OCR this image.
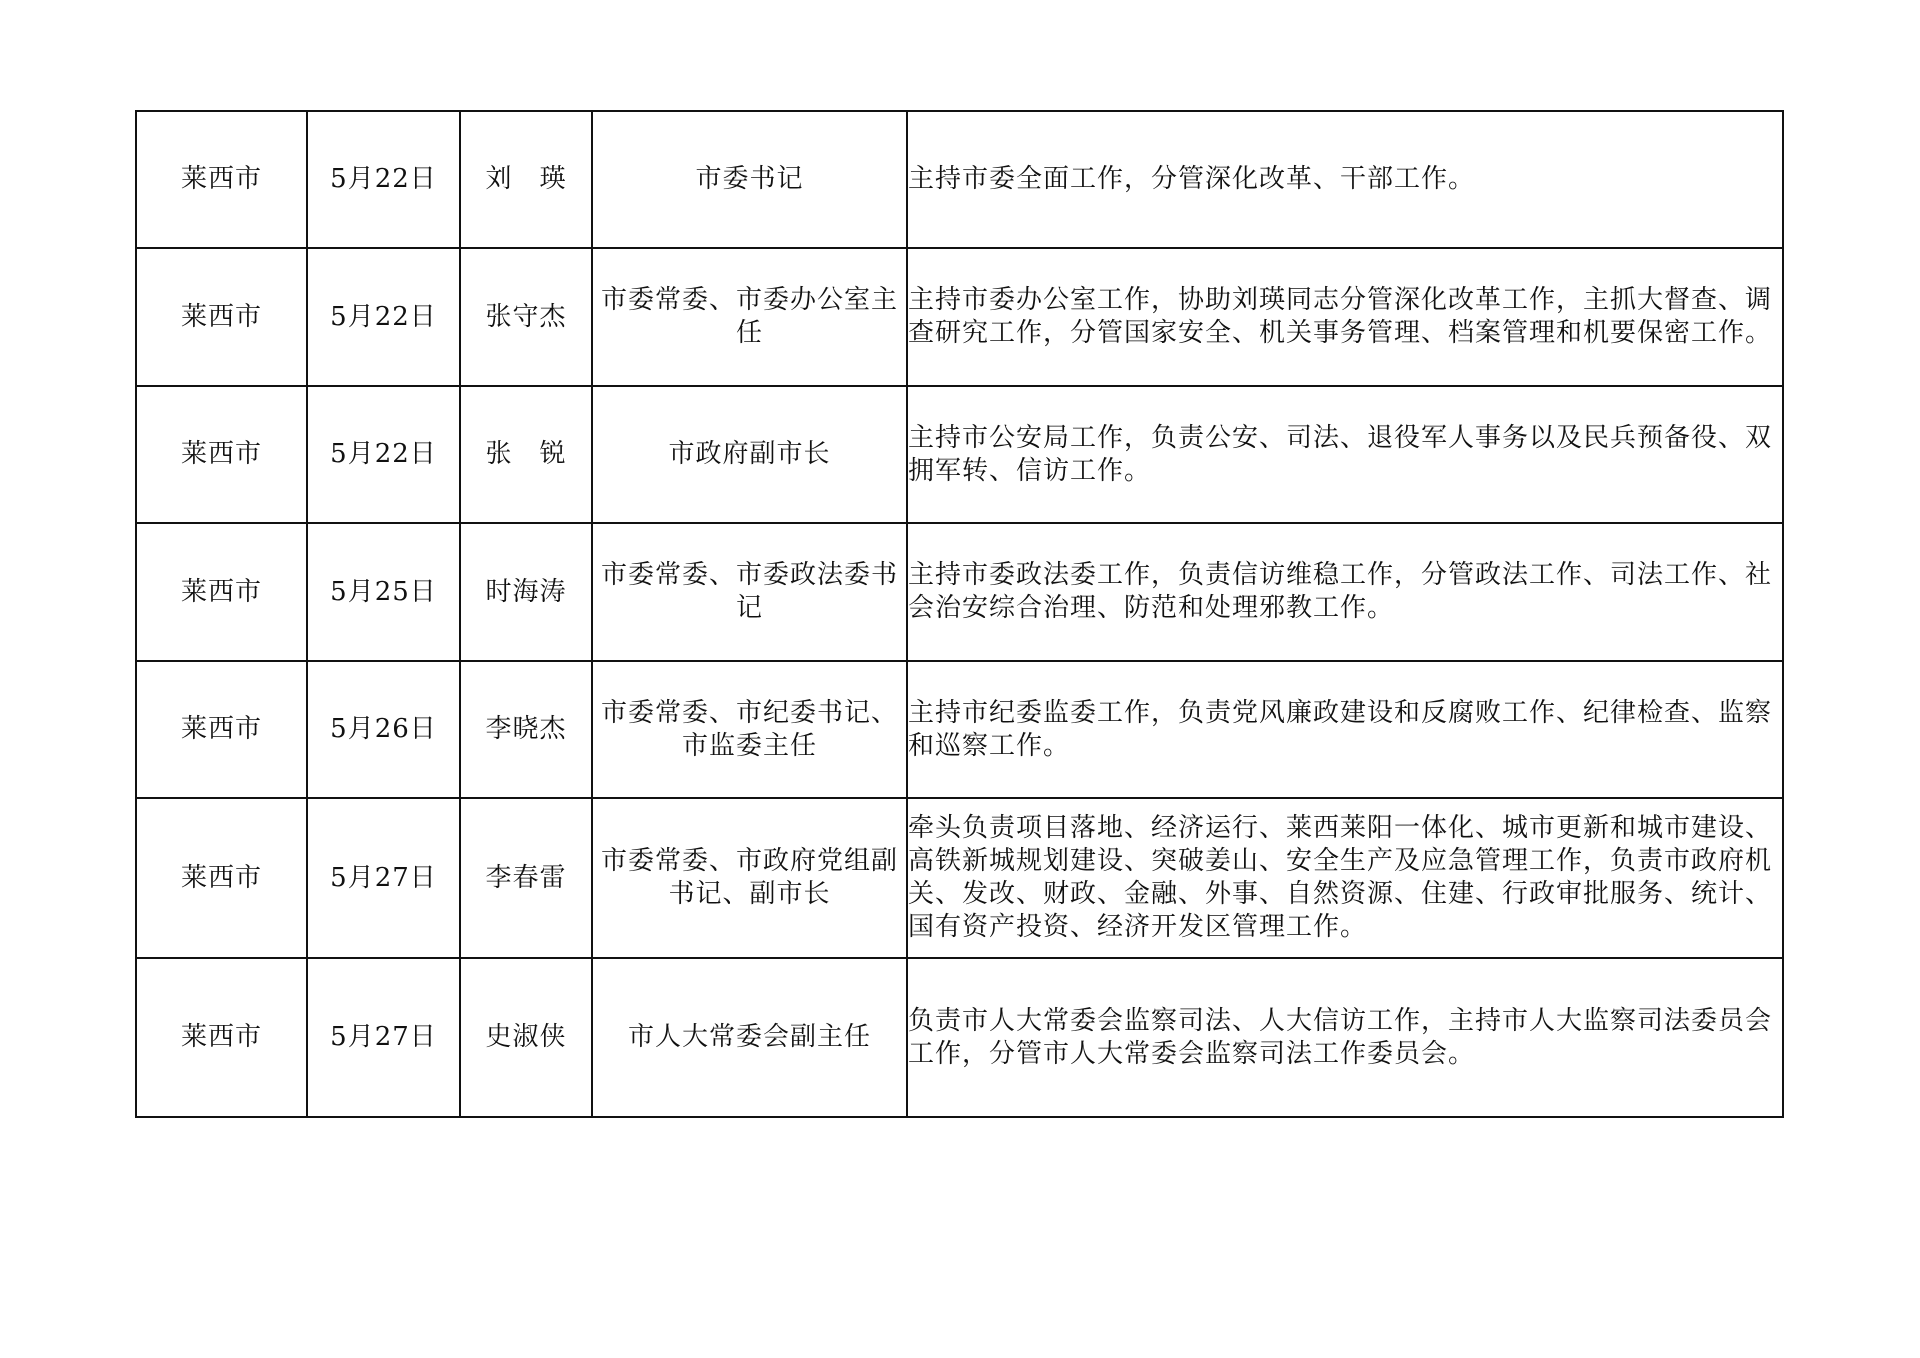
莱西市	5月22日	刘　瑛	市委书记	主持市委全面工作，分管深化改革、干部工作。
莱西市	5月22日	张守杰	市委常委、市委办公室主任	主持市委办公室工作，协助刘瑛同志分管深化改革工作，主抓大督查、调查研究工作，分管国家安全、机关事务管理、档案管理和机要保密工作。
莱西市	5月22日	张　锐	市政府副市长	主持市公安局工作，负责公安、司法、退役军人事务以及民兵预备役、双拥军转、信访工作。
莱西市	5月25日	时海涛	市委常委、市委政法委书记	主持市委政法委工作，负责信访维稳工作，分管政法工作、司法工作、社会治安综合治理、防范和处理邪教工作。
莱西市	5月26日	李晓杰	市委常委、市纪委书记、市监委主任	主持市纪委监委工作，负责党风廉政建设和反腐败工作、纪律检查、监察和巡察工作。
莱西市	5月27日	李春雷	市委常委、市政府党组副书记、副市长	牵头负责项目落地、经济运行、莱西莱阳一体化、城市更新和城市建设、高铁新城规划建设、突破姜山、安全生产及应急管理工作，负责市政府机关、发改、财政、金融、外事、自然资源、住建、行政审批服务、统计、国有资产投资、经济开发区管理工作。
莱西市	5月27日	史淑侠	市人大常委会副主任	负责市人大常委会监察司法、人大信访工作，主持市人大监察司法委员会工作，分管市人大常委会监察司法工作委员会。
